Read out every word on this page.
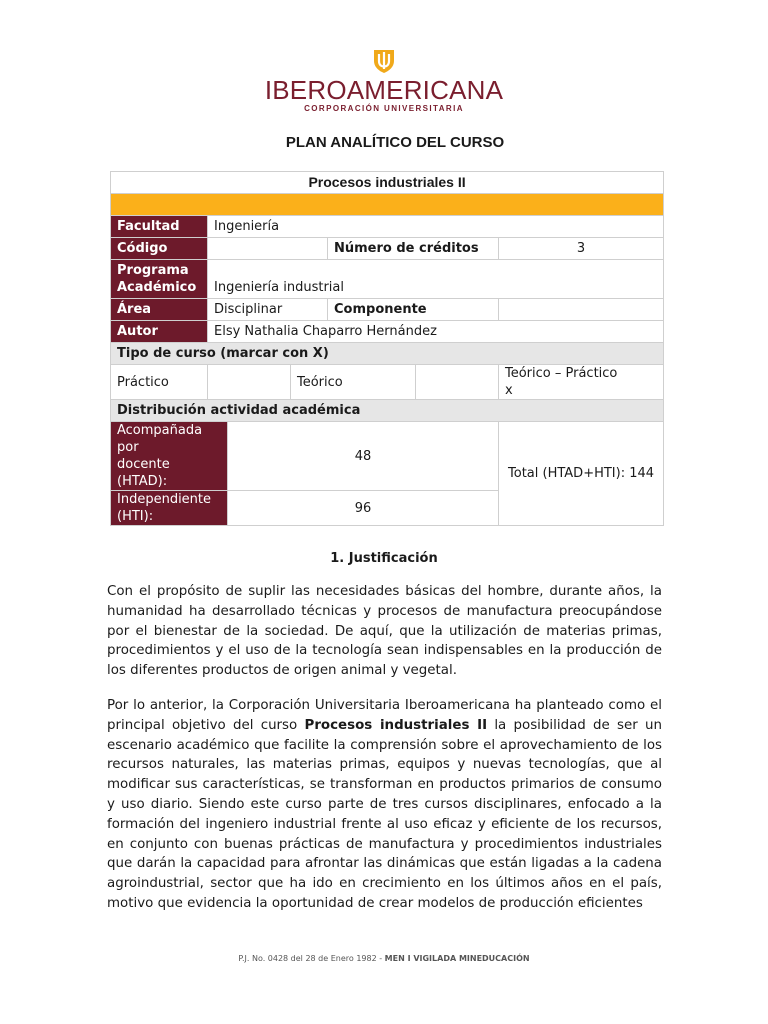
IBEROAMERICANA
CORPORACIÓN UNIVERSITARIA
PLAN ANALÍTICO DEL CURSO
Procesos industriales II						

Facultad	Ingeniería					
Código				Número de créditos		3

Programa
Académico	Ingeniería industrial					
Área	Disciplinar			Componente		
Autor	Elsy Nathalia Chaparro Hernández					
Tipo de curso (marcar con X)						
Práctico			Teórico			Teórico – Práctico x
Distribución actividad académica						

Acompañada por
docente (HTAD):		48				Total (HTAD+HTI): 144
Independiente (HTI):		96				
1. Justificación

Con el propósito de suplir las necesidades básicas del hombre, durante años, la humanidad ha desarrollado técnicas y procesos de manufactura preocupándose por el bienestar de la sociedad. De aquí, que la utilización de materias primas, procedimientos y el uso de la tecnología sean indispensables en la producción de los diferentes productos de origen animal y vegetal.

Por lo anterior, la Corporación Universitaria Iberoamericana ha planteado como el principal objetivo del curso Procesos industriales II la posibilidad de ser un escenario académico que facilite la comprensión sobre el aprovechamiento de los recursos naturales, las materias primas, equipos y nuevas tecnologías, que al modificar sus características, se transforman en productos primarios de consumo y uso diario. Siendo este curso parte de tres cursos disciplinares, enfocado a la formación del ingeniero industrial frente al uso eficaz y eficiente de los recursos, en conjunto con buenas prácticas de manufactura y procedimientos industriales que darán la capacidad para afrontar las dinámicas que están ligadas a la cadena agroindustrial, sector que ha ido en crecimiento en los últimos años en el país, motivo que evidencia la oportunidad de crear modelos de producción eficientes

P.J. No. 0428 del 28 de Enero 1982 - MEN I VIGILADA MINEDUCACIÓN
